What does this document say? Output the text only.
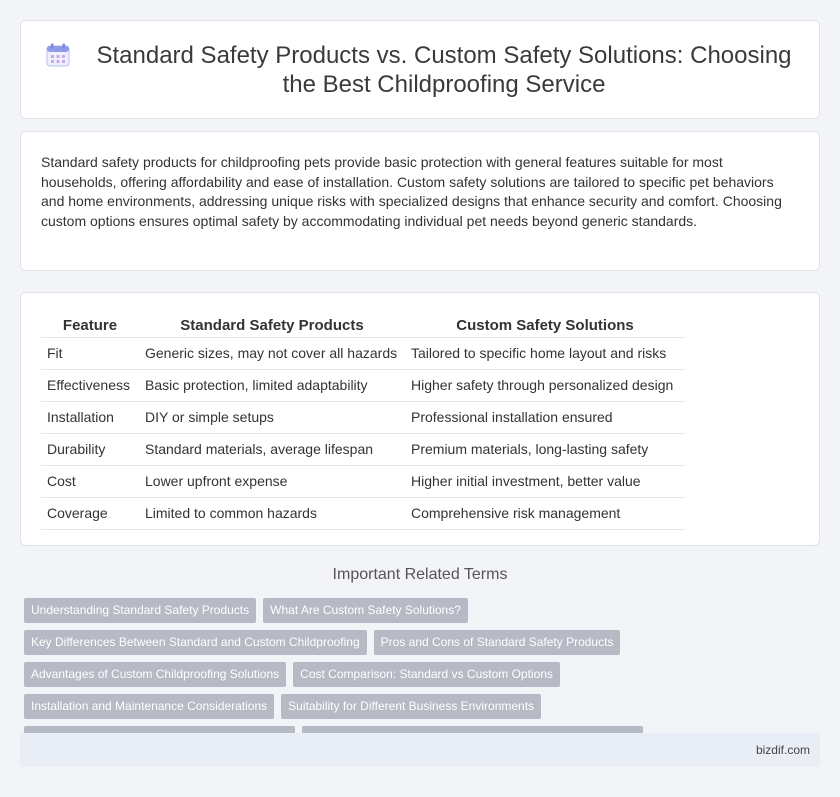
Standard Safety Products vs. Custom Safety Solutions: Choosing the Best Childproofing Service

Standard safety products for childproofing pets provide basic protection with general features suitable for most households, offering affordability and ease of installation. Custom safety solutions are tailored to specific pet behaviors and home environments, addressing unique risks with specialized designs that enhance security and comfort. Choosing custom options ensures optimal safety by accommodating individual pet needs beyond generic standards.

Feature	Standard Safety Products	Custom Safety Solutions
Fit	Generic sizes, may not cover all hazards	Tailored to specific home layout and risks
Effectiveness	Basic protection, limited adaptability	Higher safety through personalized design
Installation	DIY or simple setups	Professional installation ensured
Durability	Standard materials, average lifespan	Premium materials, long-lasting safety
Cost	Lower upfront expense	Higher initial investment, better value
Coverage	Limited to common hazards	Comprehensive risk management
Important Related Terms
Understanding Standard Safety Products	What Are Custom Safety Solutions?
Key Differences Between Standard and Custom Childproofing	Pros and Cons of Standard Safety Products
Advantages of Custom Childproofing Solutions	Cost Comparison: Standard vs Custom Options
Installation and Maintenance Considerations	Suitability for Different Business Environments
bizdif.com
